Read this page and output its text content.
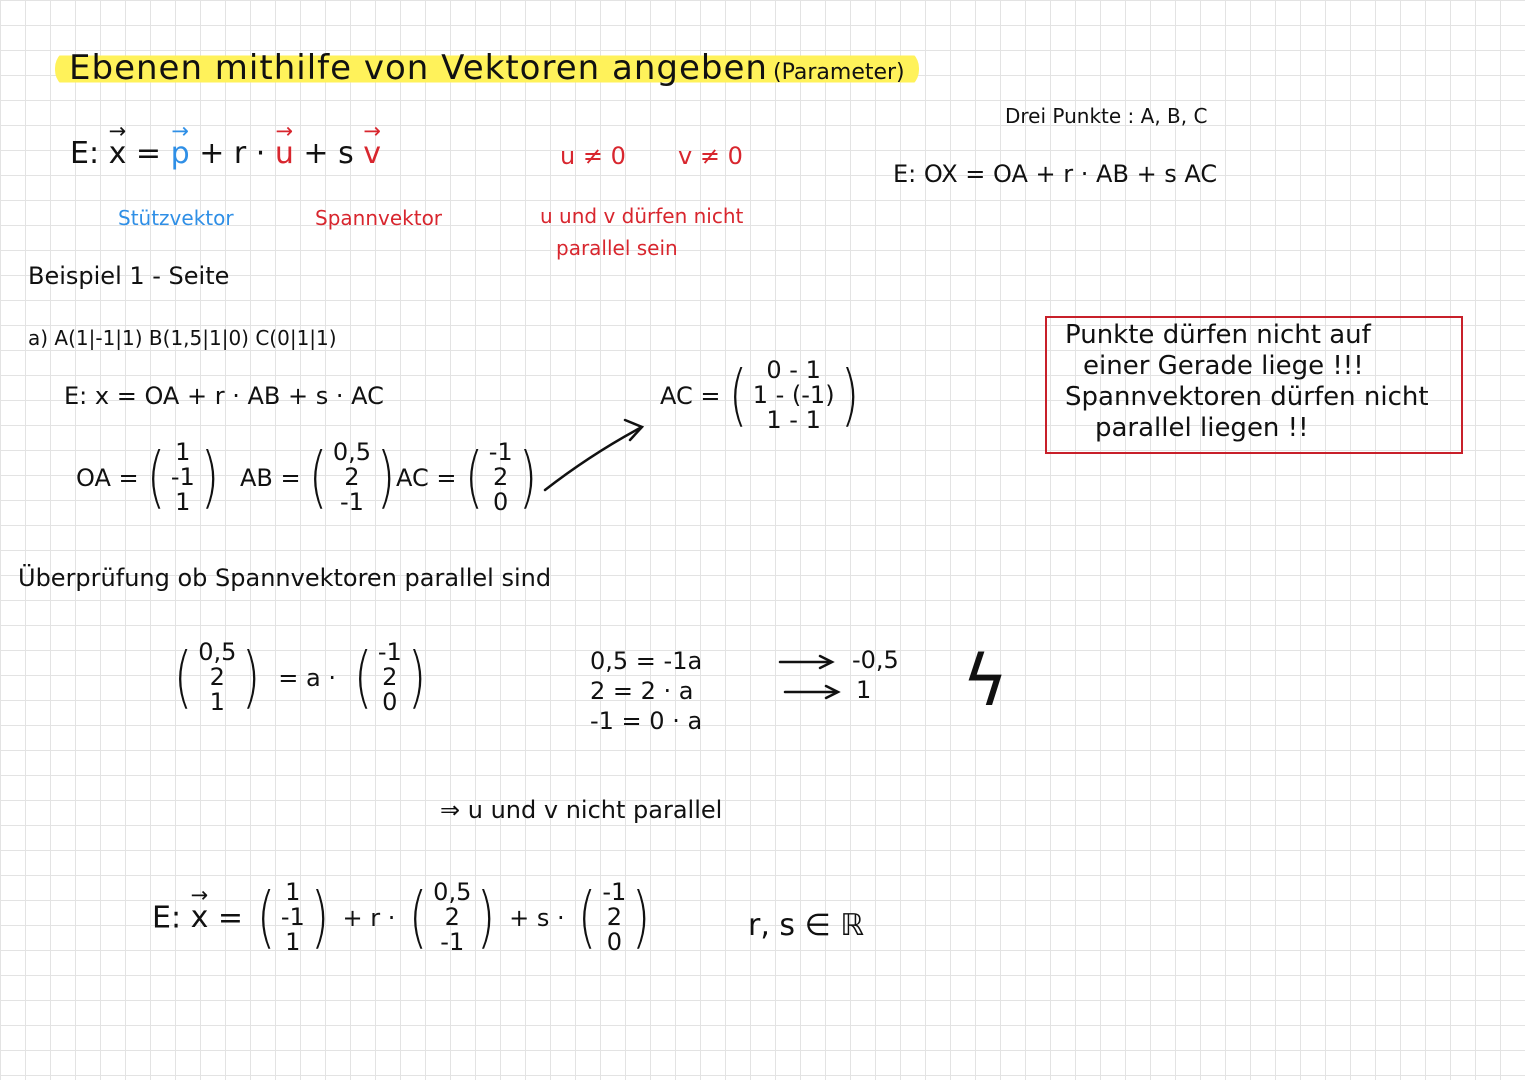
Ebenen mithilfe von Vektoren angeben (Parameter)
E: → x = → p + r · → u + s → v
Stützvektor	Spannvektor
u ≠ 0 v ≠ 0
u und v dürfen nicht
parallel sein
Drei Punkte : A, B, C
E: OX = OA + r · AB + s AC
Beispiel 1 - Seite
a) A(1|-1|1) B(1,5|1|0) C(0|1|1)
E: x = OA + r · AB + s · AC
OA = ( 1
-1
1 ) AB = ( 0,5
2
-1 ) AC = ( -1
2
0 )
AC = ( 0 - 1
1 - (-1)
1 - 1 )
Punkte dürfen nicht auf
einer Gerade liege !!!
Spannvektoren dürfen nicht
parallel liegen !!
Überprüfung ob Spannvektoren parallel sind
( 0,5
2
1 ) = a · ( -1
2
0 )	0,5 = -1a
2 = 2 · a
-1 = 0 · a
-0,5
1 ϟ
⇒ u und v nicht parallel
E: → x = ( 1
-1
1 ) + r · ( 0,5
2
-1 ) + s · ( -1
2
0 )	r, s ∈ ℝ
